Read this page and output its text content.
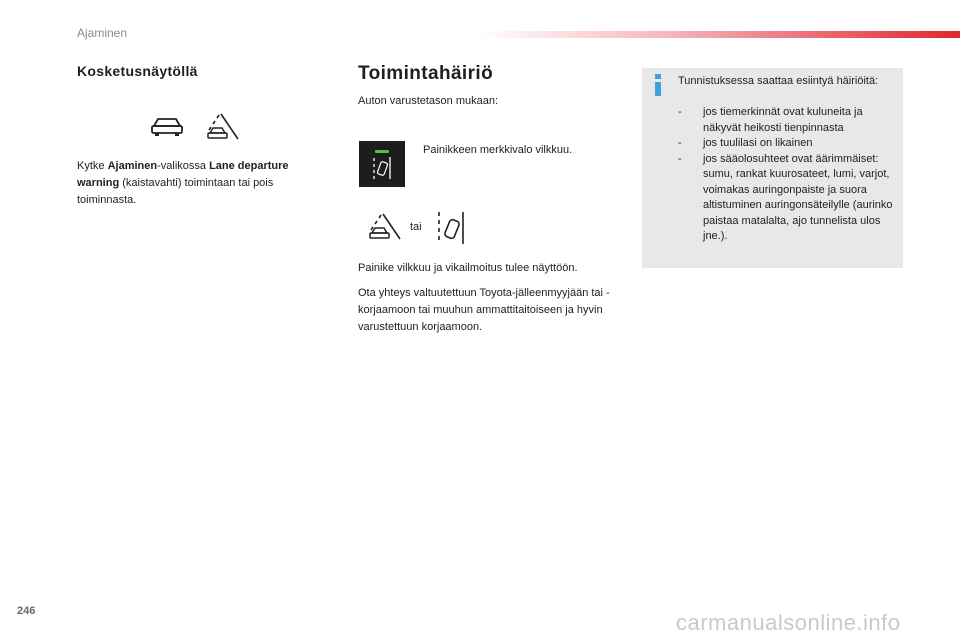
Ajaminen
Kosketusnäytöllä

Kytke Ajaminen-valikossa Lane departure warning (kaistavahti) toimintaan tai pois toiminnasta.

Toimintahäiriö

Auton varustetason mukaan:

Painikkeen merkkivalo vilkkuu.

tai

Painike vilkkuu ja vikailmoitus tulee näyttöön.

Ota yhteys valtuutettuun Toyota-jälleenmyyjään tai -korjaamoon tai muuhun ammattitaitoiseen ja hyvin varustettuun korjaamoon.

Tunnistuksessa saattaa esiintyä häiriöitä:

- jos tiemerkinnät ovat kuluneita ja näkyvät heikosti tienpinnasta
- jos tuulilasi on likainen
- jos sääolosuhteet ovat äärimmäiset: sumu, rankat kuurosateet, lumi, varjot, voimakas auringonpaiste ja suora altistuminen auringonsäteilylle (aurinko paistaa matalalta, ajo tunnelista ulos jne.).
246	carmanualsonline.info
